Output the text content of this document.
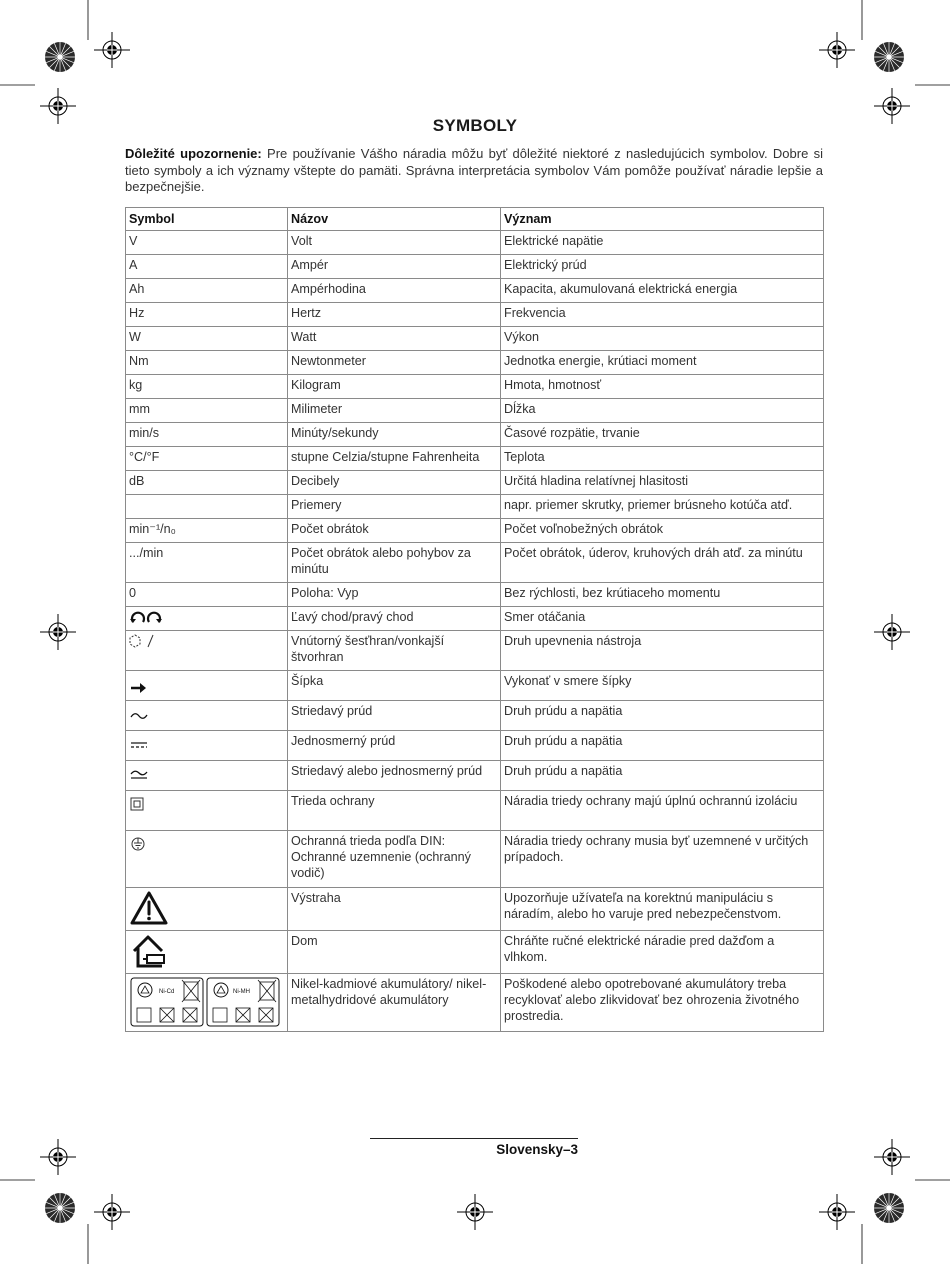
SYMBOLY
Dôležité upozornenie: Pre používanie Vášho náradia môžu byť dôležité niektoré z nasledujúcich symbolov. Dobre si tieto symboly a ich významy vštepte do pamäti. Správna interpretácia symbolov Vám pomôže používať náradie lepšie a bezpečnejšie.
Symbol	Názov	Význam
V	Volt	Elektrické napätie
A	Ampér	Elektrický prúd
Ah	Ampérhodina	Kapacita, akumulovaná elektrická energia
Hz	Hertz	Frekvencia
W	Watt	Výkon
Nm	Newtonmeter	Jednotka energie, krútiaci moment
kg	Kilogram	Hmota, hmotnosť
mm	Milimeter	Dĺžka
min/s	Minúty/sekundy	Časové rozpätie, trvanie
°C/°F	stupne Celzia/stupne Fahrenheita	Teplota
dB	Decibely	Určitá hladina relatívnej hlasitosti
	Priemery	napr. priemer skrutky, priemer brúsneho kotúča atď.
min⁻¹/n₀	Počet obrátok	Počet voľnobežných obrátok
.../min	Počet obrátok alebo pohybov za minútu	Počet obrátok, úderov, kruhových dráh atď. za minútu
0	Poloha: Vyp	Bez rýchlosti, bez krútiaceho momentu
	Ľavý chod/pravý chod	Smer otáčania
	Vnútorný šesťhran/vonkajší štvorhran	Druh upevnenia nástroja
	Šípka	Vykonať v smere šípky
	Striedavý prúd	Druh prúdu a napätia
	Jednosmerný prúd	Druh prúdu a napätia
	Striedavý alebo jednosmerný prúd	Druh prúdu a napätia
	Trieda ochrany	Náradia triedy ochrany majú úplnú ochrannú izoláciu
	Ochranná trieda podľa DIN: Ochranné uzemnenie (ochranný vodič)	Náradia triedy ochrany musia byť uzemnené v určitých prípadoch.
	Výstraha	Upozorňuje užívateľa na korektnú manipuláciu s náradím, alebo ho varuje pred nebezpečenstvom.
	Dom	Chráňte ručné elektrické náradie pred dažďom a vlhkom.

Ni-Cd Ni-MH	Nikel-kadmiové akumulátory/ nikel-metalhydridové akumulátory	Poškodené alebo opotrebované akumulátory treba recyklovať alebo zlikvidovať bez ohrozenia životného prostredia.
Slovensky–3
